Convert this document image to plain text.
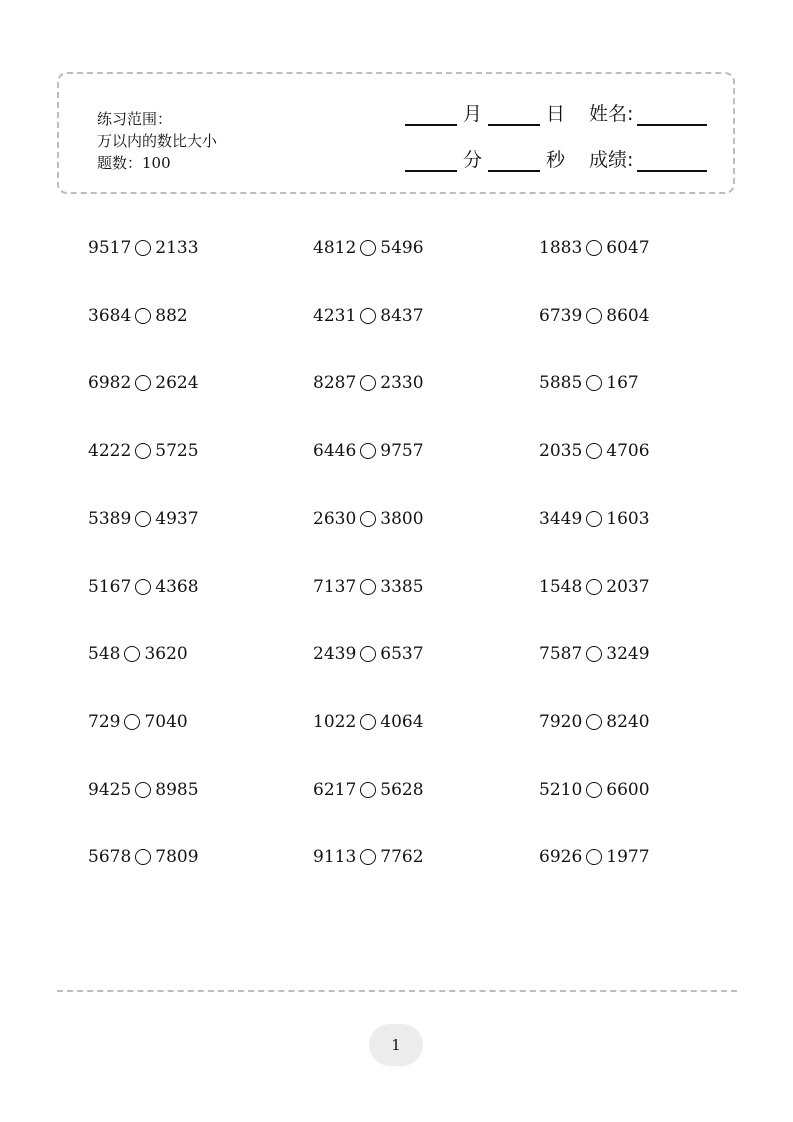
练习范围：
万以内的数比大小
题数：100
月	日 姓名:
分	秒 成绩:
9517 2133	4812 5496	1883 6047
3684 882	4231 8437	6739 8604
6982 2624	8287 2330	5885 167
4222 5725	6446 9757	2035 4706
5389 4937	2630 3800	3449 1603
5167 4368	7137 3385	1548 2037
548 3620	2439 6537	7587 3249
729 7040	1022 4064	7920 8240
9425 8985	6217 5628	5210 6600
5678 7809	9113 7762	6926 1977
1
